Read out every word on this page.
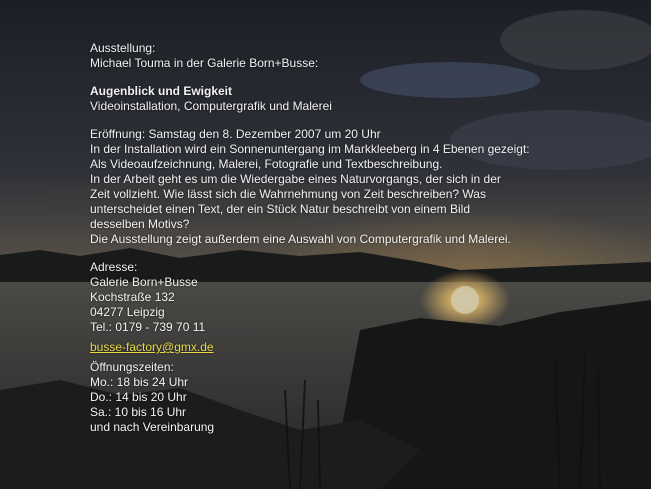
Ausstellung:
Michael Touma in der Galerie Born+Busse:
Augenblick und Ewigkeit
Videoinstallation, Computergrafik und Malerei
Eröffnung: Samstag den 8. Dezember 2007 um 20 Uhr
In der Installation wird ein Sonnenuntergang im Markkleeberg in 4 Ebenen gezeigt:
Als Videoaufzeichnung, Malerei, Fotografie und Textbeschreibung.
In der Arbeit geht es um die Wiedergabe eines Naturvorgangs, der sich in der
Zeit vollzieht. Wie lässt sich die Wahrnehmung von Zeit beschreiben? Was
unterscheidet einen Text, der ein Stück Natur beschreibt von einem Bild
desselben Motivs?
Die Ausstellung zeigt außerdem eine Auswahl von Computergrafik und Malerei.
Adresse:
Galerie Born+Busse
Kochstraße 132
04277 Leipzig
Tel.: 0179 - 739 70 11
busse-factory@gmx.de
Öffnungszeiten:
Mo.: 18 bis 24 Uhr
Do.: 14 bis 20 Uhr
Sa.: 10 bis 16 Uhr
und nach Vereinbarung
